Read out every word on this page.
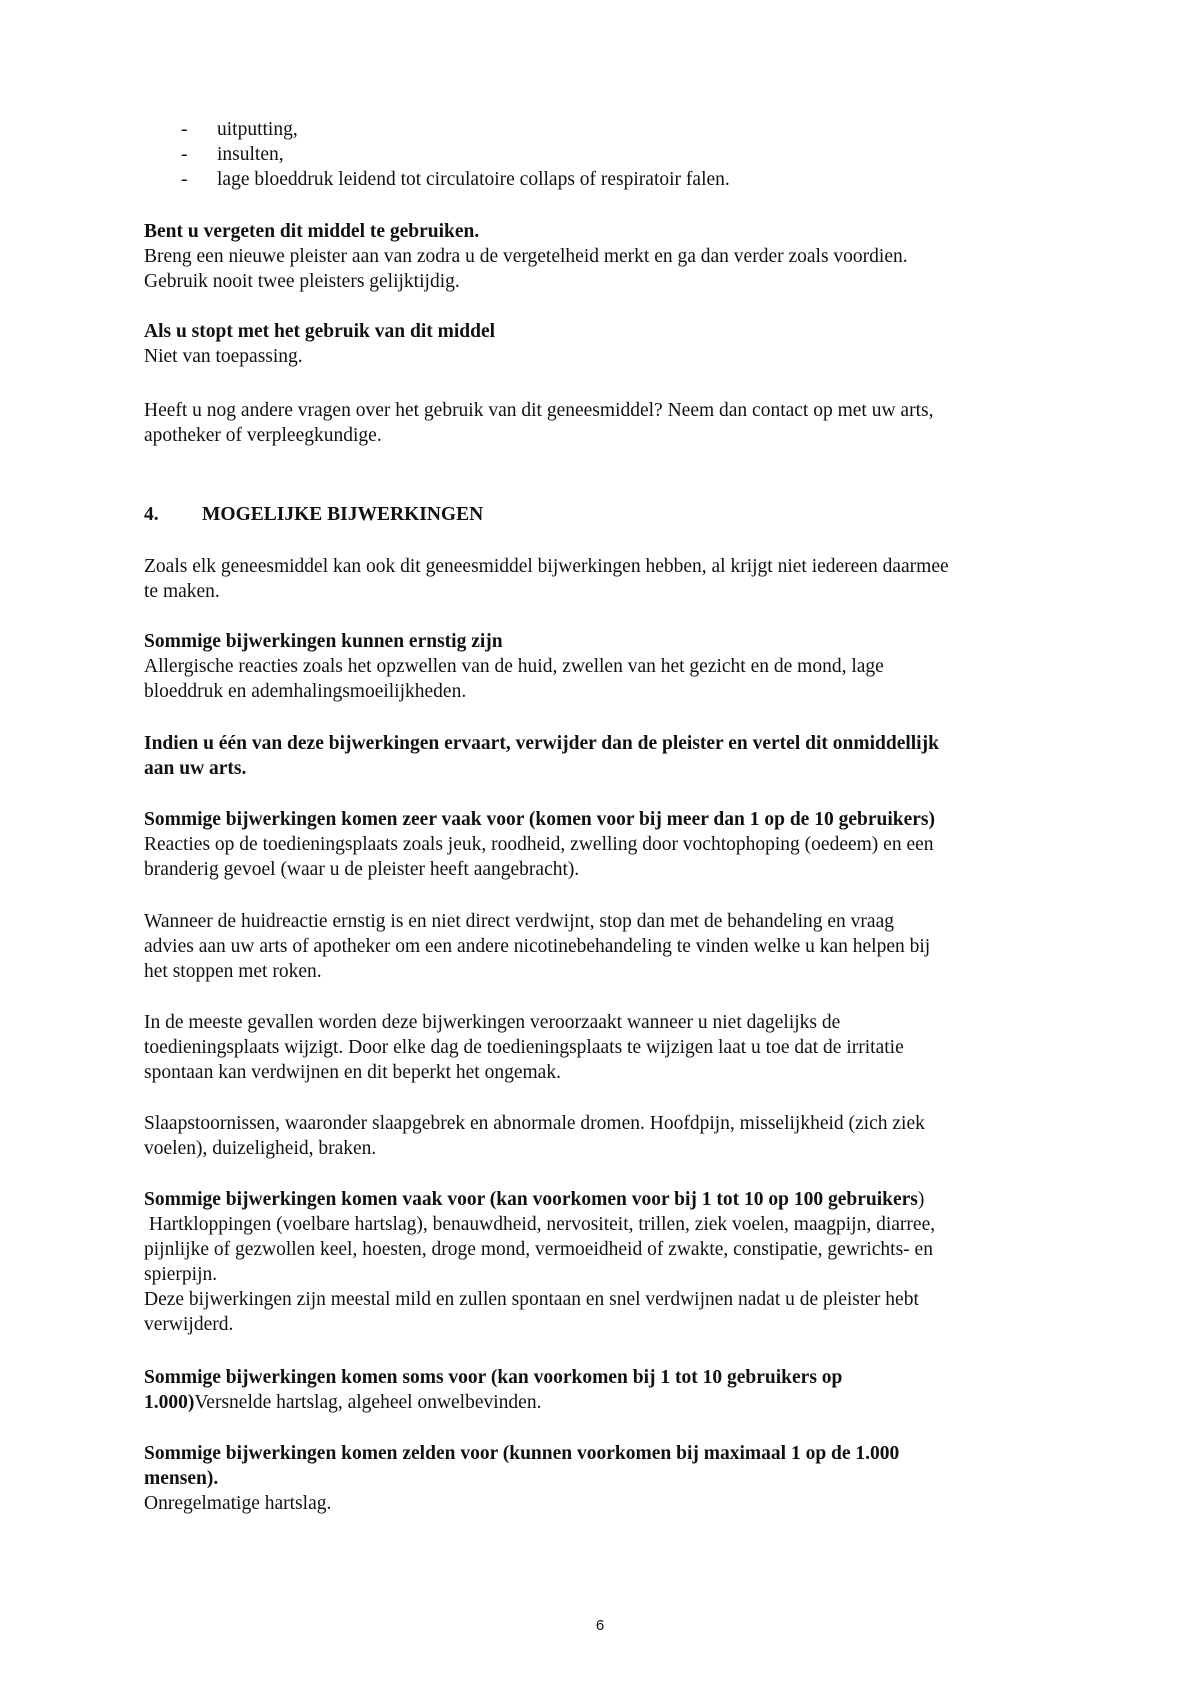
- uitputting,
- insulten,
- lage bloeddruk leidend tot circulatoire collaps of respiratoir falen.

Bent u vergeten dit middel te gebruiken.

Breng een nieuwe pleister aan van zodra u de vergetelheid merkt en ga dan verder zoals voordien.

Gebruik nooit twee pleisters gelijktijdig.

Als u stopt met het gebruik van dit middel

Niet van toepassing.

Heeft u nog andere vragen over het gebruik van dit geneesmiddel? Neem dan contact op met uw arts,

apotheker of verpleegkundige.

4. MOGELIJKE BIJWERKINGEN

Zoals elk geneesmiddel kan ook dit geneesmiddel bijwerkingen hebben, al krijgt niet iedereen daarmee

te maken.

Sommige bijwerkingen kunnen ernstig zijn

Allergische reacties zoals het opzwellen van de huid, zwellen van het gezicht en de mond, lage

bloeddruk en ademhalingsmoeilijkheden.

Indien u één van deze bijwerkingen ervaart, verwijder dan de pleister en vertel dit onmiddellijk

aan uw arts.

Sommige bijwerkingen komen zeer vaak voor (komen voor bij meer dan 1 op de 10 gebruikers)

Reacties op de toedieningsplaats zoals jeuk, roodheid, zwelling door vochtophoping (oedeem) en een

branderig gevoel (waar u de pleister heeft aangebracht).

Wanneer de huidreactie ernstig is en niet direct verdwijnt, stop dan met de behandeling en vraag

advies aan uw arts of apotheker om een andere nicotinebehandeling te vinden welke u kan helpen bij

het stoppen met roken.

In de meeste gevallen worden deze bijwerkingen veroorzaakt wanneer u niet dagelijks de

toedieningsplaats wijzigt. Door elke dag de toedieningsplaats te wijzigen laat u toe dat de irritatie

spontaan kan verdwijnen en dit beperkt het ongemak.

Slaapstoornissen, waaronder slaapgebrek en abnormale dromen. Hoofdpijn, misselijkheid (zich ziek

voelen), duizeligheid, braken.

Sommige bijwerkingen komen vaak voor (kan voorkomen voor bij 1 tot 10 op 100 gebruikers)

Hartkloppingen (voelbare hartslag), benauwdheid, nervositeit, trillen, ziek voelen, maagpijn, diarree,

pijnlijke of gezwollen keel, hoesten, droge mond, vermoeidheid of zwakte, constipatie, gewrichts- en

spierpijn.

Deze bijwerkingen zijn meestal mild en zullen spontaan en snel verdwijnen nadat u de pleister hebt

verwijderd.

Sommige bijwerkingen komen soms voor (kan voorkomen bij 1 tot 10 gebruikers op

1.000)Versnelde hartslag, algeheel onwelbevinden.

Sommige bijwerkingen komen zelden voor (kunnen voorkomen bij maximaal 1 op de 1.000

mensen).

Onregelmatige hartslag.

6
